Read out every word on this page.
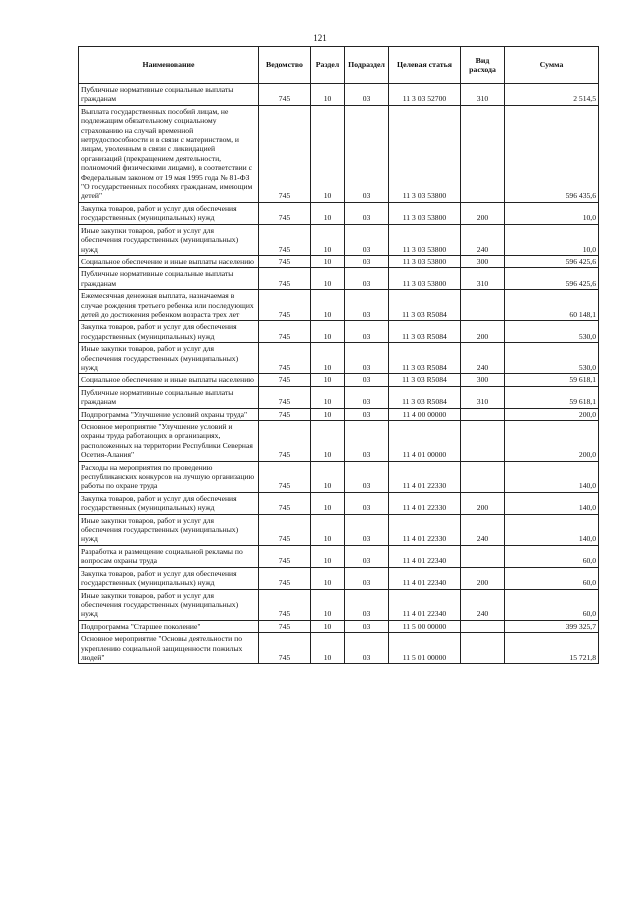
121
Наименование	Ведомство	Раздел	Подраздел	Целевая статья	Вид расхода	Сумма
Публичные нормативные социальные выплаты гражданам	745	10	03	11 3 03 52700	310	2 514,5
Выплата государственных пособий лицам, не подлежащим обязательному социальному страхованию на случай временной нетрудоспособности и в связи с материнством, и лицам, уволенным в связи с ликвидацией организаций (прекращением деятельности, полномочий физическими лицами), в соответствии с Федеральным законом от 19 мая 1995 года № 81-ФЗ "О государственных пособиях гражданам, имеющим детей"	745	10	03	11 3 03 53800		596 435,6
Закупка товаров, работ и услуг для обеспечения государственных (муниципальных) нужд	745	10	03	11 3 03 53800	200	10,0
Иные закупки товаров, работ и услуг для обеспечения государственных (муниципальных) нужд	745	10	03	11 3 03 53800	240	10,0
Социальное обеспечение и иные выплаты населению	745	10	03	11 3 03 53800	300	596 425,6
Публичные нормативные социальные выплаты гражданам	745	10	03	11 3 03 53800	310	596 425,6
Ежемесячная денежная выплата, назначаемая в случае рождения третьего ребенка или последующих детей до достижения ребенком возраста трех лет	745	10	03	11 3 03 R5084		60 148,1
Закупка товаров, работ и услуг для обеспечения государственных (муниципальных) нужд	745	10	03	11 3 03 R5084	200	530,0
Иные закупки товаров, работ и услуг для обеспечения государственных (муниципальных) нужд	745	10	03	11 3 03 R5084	240	530,0
Социальное обеспечение и иные выплаты населению	745	10	03	11 3 03 R5084	300	59 618,1
Публичные нормативные социальные выплаты гражданам	745	10	03	11 3 03 R5084	310	59 618,1
Подпрограмма "Улучшение условий охраны труда"	745	10	03	11 4 00 00000		200,0
Основное мероприятие "Улучшение условий и охраны труда работающих в организациях, расположенных на территории Республики Северная Осетия-Алания"	745	10	03	11 4 01 00000		200,0
Расходы на мероприятия по проведению республиканских конкурсов на лучшую организацию работы по охране труда	745	10	03	11 4 01 22330		140,0
Закупка товаров, работ и услуг для обеспечения государственных (муниципальных) нужд	745	10	03	11 4 01 22330	200	140,0
Иные закупки товаров, работ и услуг для обеспечения государственных (муниципальных) нужд	745	10	03	11 4 01 22330	240	140,0
Разработка и размещение социальной рекламы по вопросам охраны труда	745	10	03	11 4 01 22340		60,0
Закупка товаров, работ и услуг для обеспечения государственных (муниципальных) нужд	745	10	03	11 4 01 22340	200	60,0
Иные закупки товаров, работ и услуг для обеспечения государственных (муниципальных) нужд	745	10	03	11 4 01 22340	240	60,0
Подпрограмма "Старшее поколение"	745	10	03	11 5 00 00000		399 325,7
Основное мероприятие "Основы деятельности по укреплению социальной защищенности пожилых людей"	745	10	03	11 5 01 00000		15 721,8
